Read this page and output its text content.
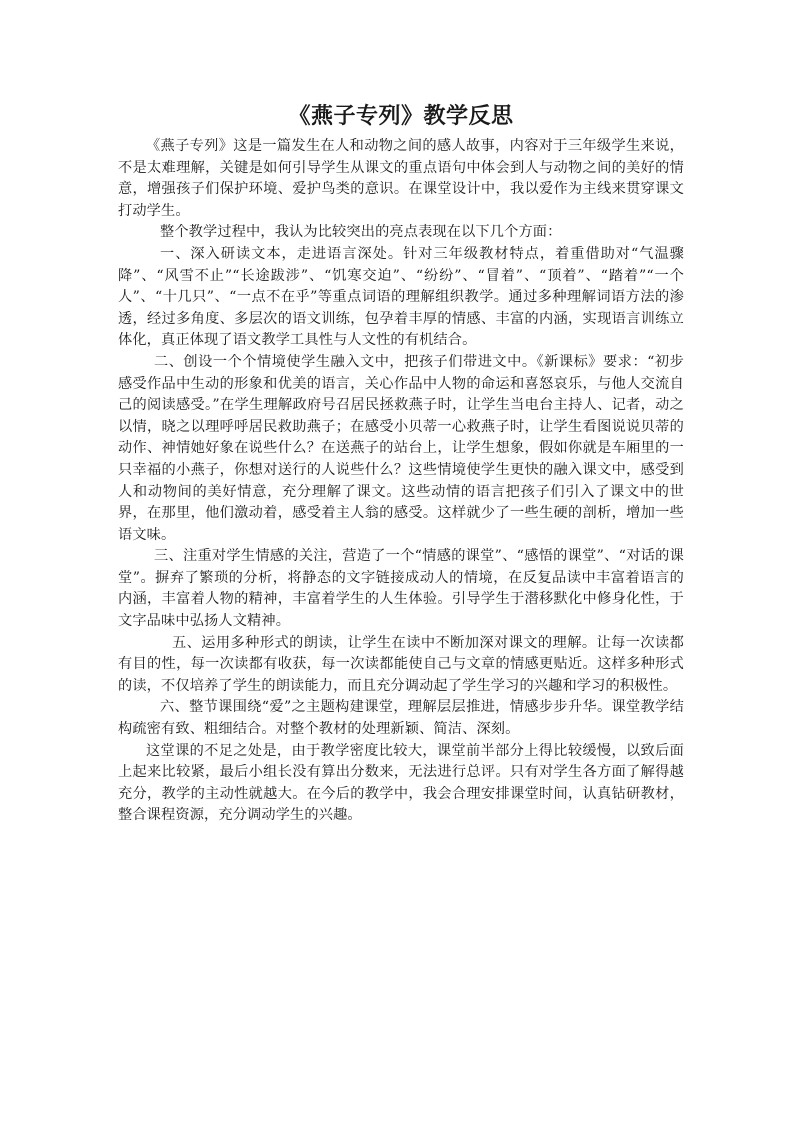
《燕子专列》教学反思

《燕子专列》这是一篇发生在人和动物之间的感人故事，内容对于三年级学生来说，不是太难理解，关键是如何引导学生从课文的重点语句中体会到人与动物之间的美好的情意，增强孩子们保护环境、爱护鸟类的意识。在课堂设计中，我以爱作为主线来贯穿课文打动学生。

整个教学过程中，我认为比较突出的亮点表现在以下几个方面：

一、深入研读文本，走进语言深处。针对三年级教材特点，着重借助对“气温骤降”、“风雪不止”“长途跋涉”、“饥寒交迫”、“纷纷”、“冒着”、“顶着”、“踏着”“一个人”、“十几只”、“一点不在乎”等重点词语的理解组织教学。通过多种理解词语方法的渗透，经过多角度、多层次的语文训练，包孕着丰厚的情感、丰富的内涵，实现语言训练立体化，真正体现了语文教学工具性与人文性的有机结合。

二、创设一个个情境使学生融入文中，把孩子们带进文中。《新课标》要求：“初步感受作品中生动的形象和优美的语言，关心作品中人物的命运和喜怒哀乐，与他人交流自己的阅读感受。”在学生理解政府号召居民拯救燕子时，让学生当电台主持人、记者，动之以情，晓之以理呼呼居民救助燕子；在感受小贝蒂一心救燕子时，让学生看图说说贝蒂的动作、神情她好象在说些什么？在送燕子的站台上，让学生想象，假如你就是车厢里的一只幸福的小燕子，你想对送行的人说些什么？这些情境使学生更快的融入课文中，感受到人和动物间的美好情意，充分理解了课文。这些动情的语言把孩子们引入了课文中的世界，在那里，他们激动着，感受着主人翁的感受。这样就少了一些生硬的剖析，增加一些语文味。

三、注重对学生情感的关注，营造了一个“情感的课堂”、“感悟的课堂”、“对话的课堂”。摒弃了繁琐的分析，将静态的文字链接成动人的情境，在反复品读中丰富着语言的内涵，丰富着人物的精神，丰富着学生的人生体验。引导学生于潜移默化中修身化性，于文字品味中弘扬人文精神。

五、运用多种形式的朗读，让学生在读中不断加深对课文的理解。让每一次读都有目的性，每一次读都有收获，每一次读都能使自己与文章的情感更贴近。这样多种形式的读，不仅培养了学生的朗读能力，而且充分调动起了学生学习的兴趣和学习的积极性。

六、整节课围绕“爱”之主题构建课堂，理解层层推进，情感步步升华。课堂教学结构疏密有致、粗细结合。对整个教材的处理新颖、简洁、深刻。

这堂课的不足之处是，由于教学密度比较大，课堂前半部分上得比较缓慢，以致后面上起来比较紧，最后小组长没有算出分数来，无法进行总评。只有对学生各方面了解得越充分，教学的主动性就越大。在今后的教学中，我会合理安排课堂时间，认真钻研教材，整合课程资源，充分调动学生的兴趣。
